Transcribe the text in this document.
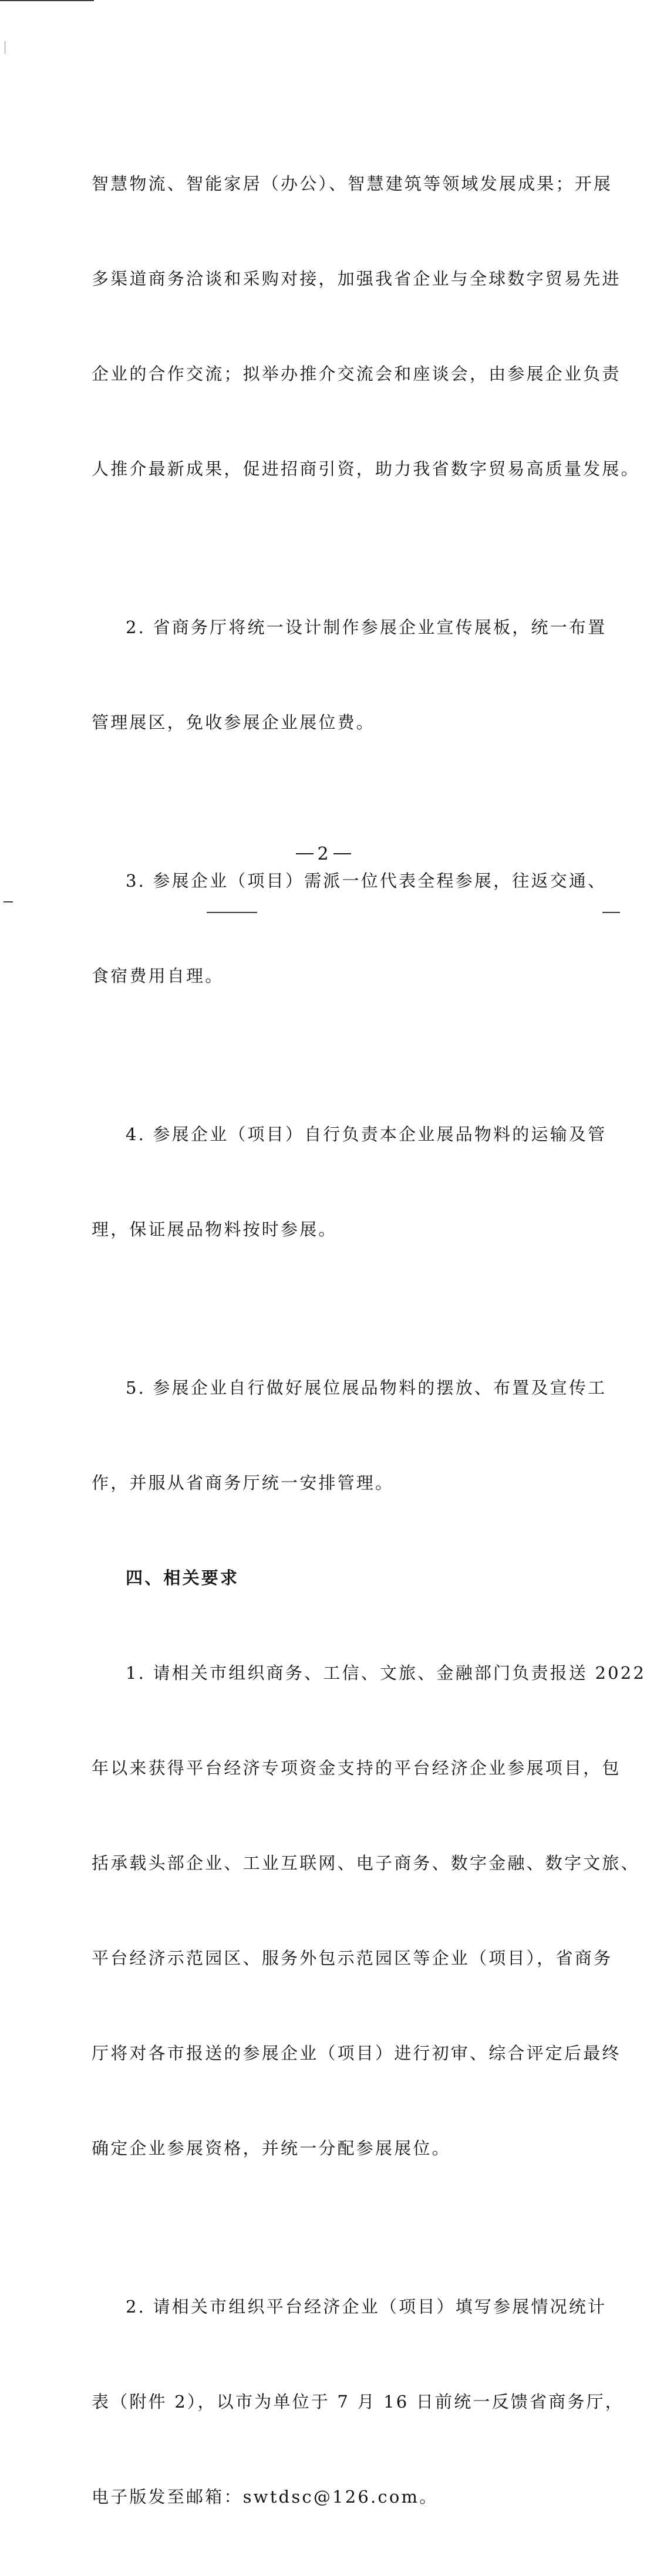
智慧物流、智能家居（办公）、智慧建筑等领域发展成果；开展

多渠道商务洽谈和采购对接，加强我省企业与全球数字贸易先进

企业的合作交流；拟举办推介交流会和座谈会，由参展企业负责

人推介最新成果，促进招商引资，助力我省数字贸易高质量发展。

2. 省商务厅将统一设计制作参展企业宣传展板，统一布置

管理展区，免收参展企业展位费。

3. 参展企业（项目）需派一位代表全程参展，往返交通、

食宿费用自理。

4. 参展企业（项目）自行负责本企业展品物料的运输及管

理，保证展品物料按时参展。

5. 参展企业自行做好展位展品物料的摆放、布置及宣传工

作，并服从省商务厅统一安排管理。

四、相关要求

1. 请相关市组织商务、工信、文旅、金融部门负责报送 2022

年以来获得平台经济专项资金支持的平台经济企业参展项目，包

括承载头部企业、工业互联网、电子商务、数字金融、数字文旅、

平台经济示范园区、服务外包示范园区等企业（项目），省商务

厅将对各市报送的参展企业（项目）进行初审、综合评定后最终

确定企业参展资格，并统一分配参展展位。

2. 请相关市组织平台经济企业（项目）填写参展情况统计

表（附件 2），以市为单位于 7 月 16 日前统一反馈省商务厅，

电子版发至邮箱：swtdsc@126.com。

2
